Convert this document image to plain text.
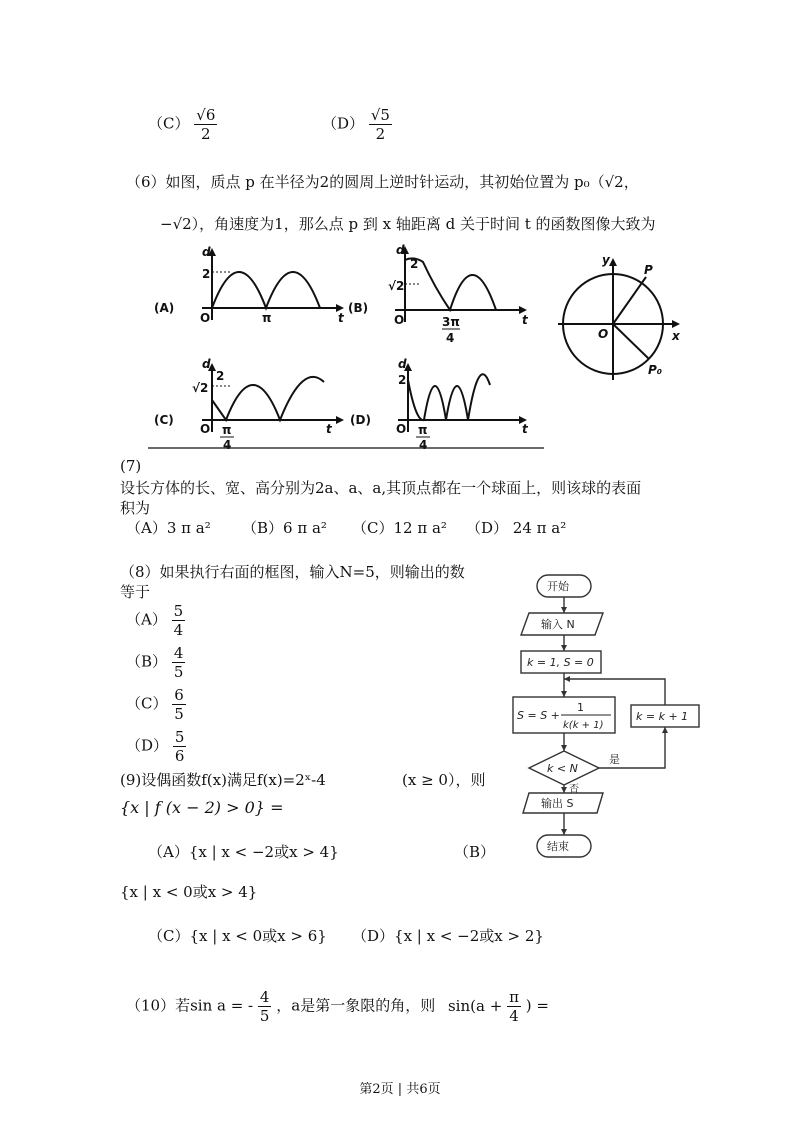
$(C) \frac{√6}{2}$	$(D) \frac{√5}{2}$
（6）如图，质点 p 在半径为2的圆周上逆时针运动，其初始位置为 p₀（√2，
−√2），角速度为1，那么点 p 到 x 轴距离 d 关于时间 t 的函数图像大致为
(A)
d
2
O	π	t
(B)
d
2
√2
O	3π
4
t
(C)
d
2
√2
O π
4
t
(D)
d
2
O π
4
t
y
x
O
P
P₀
(7)
设长方体的长、宽、高分别为2a、a、a,其顶点都在一个球面上，则该球的表面
积为
（A）3 π a² （B）6 π a² （C）12 π a² （D） 24 π a²
（8）如果执行右面的框图，输入N=5，则输出的数
等于
$(A) \frac{5}{4}$
$(B) \frac{4}{5}$
$(C) \frac{6}{5}$
$(D) \frac{5}{6}$
开始
输入 N
k = 1, S = 0
S = S +
1
k(k + 1)
k = k + 1
k < N
是
否
输出 S
结束
(9)设偶函数f(x)满足f(x)=2ˣ-4	(x ≥ 0），则
{x | f (x − 2) > 0} =
（A）{x | x < −2或x > 4}	（B）
{x | x < 0或x > 4}
（C）{x | x < 0或x > 6} （D）{x | x < −2或x > 2}
（10）若sin a = - $\frac{4}{5}$ ，a是第一象限的角，则 $\sin(a + \frac{\pi}{4}$ ) =
第2页 | 共6页
